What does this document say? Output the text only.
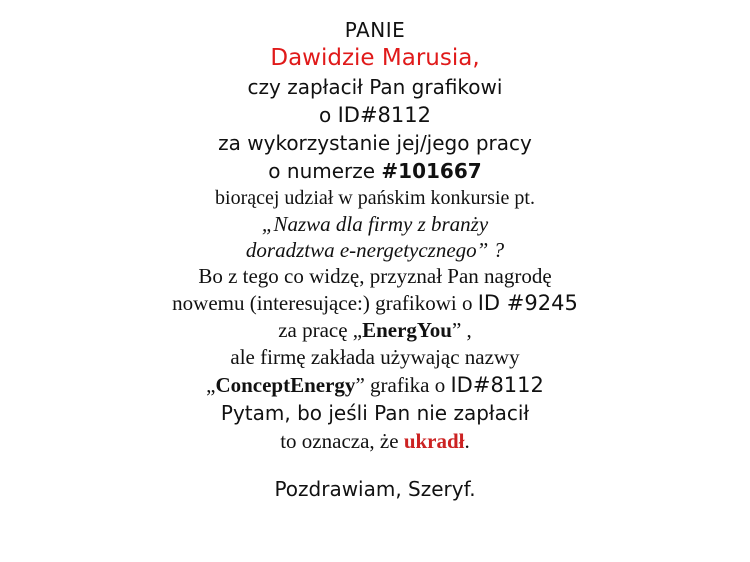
PANIE
Dawidzie Marusia,
czy zapłacił Pan grafikowi
o ID#8112
za wykorzystanie jej/jego pracy
o numerze #101667
biorącej udział w pańskim konkursie pt.
„Nazwa dla firmy z branży
doradztwa e-nergetycznego” ?
Bo z tego co widzę, przyznał Pan nagrodę
nowemu (interesujące:) grafikowi o ID #9245
za pracę „EnergYou” ,
ale firmę zakłada używając nazwy
„ConceptEnergy” grafika o ID#8112
Pytam, bo jeśli Pan nie zapłacił
to oznacza, że ukradł.
Pozdrawiam, Szeryf.
